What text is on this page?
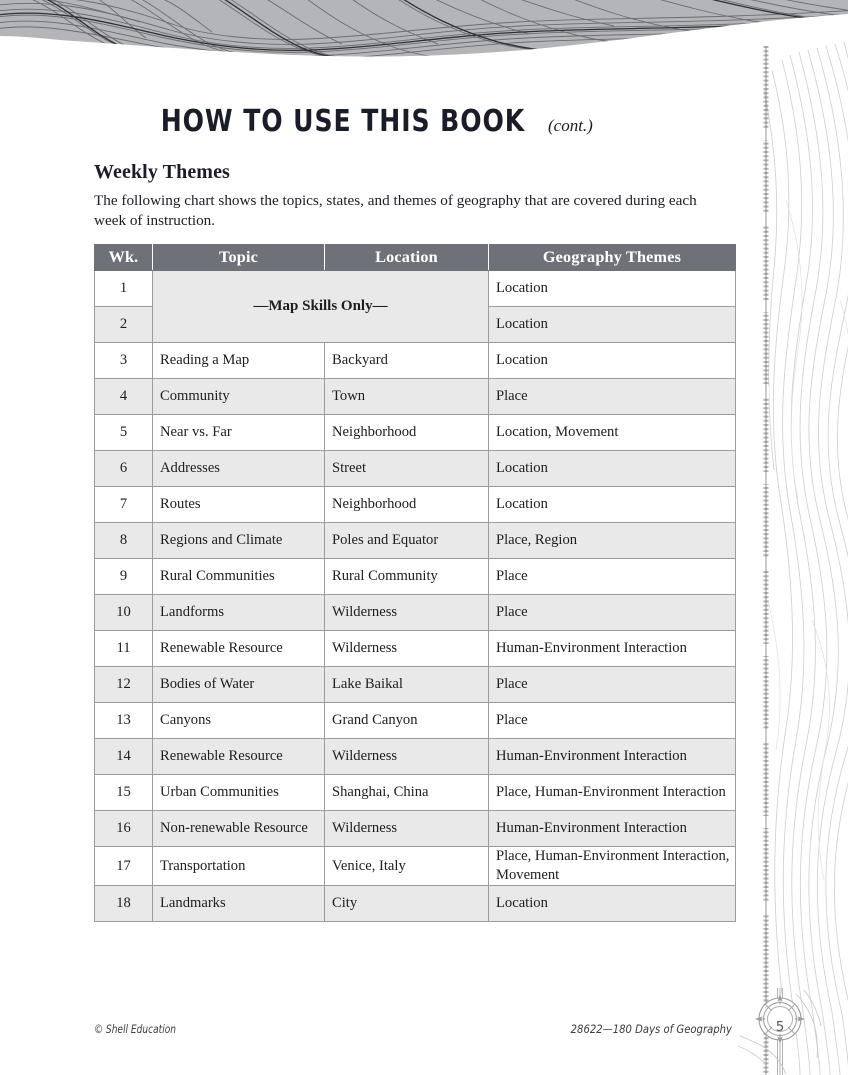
HOW TO USE THIS BOOK (cont.)
Weekly Themes
The following chart shows the topics, states, and themes of geography that are covered during each week of instruction.
Wk.	Topic	Location	Geography Themes
1	—Map Skills Only—		Location
2			Location
3	Reading a Map	Backyard	Location
4	Community	Town	Place
5	Near vs. Far	Neighborhood	Location, Movement
6	Addresses	Street	Location
7	Routes	Neighborhood	Location
8	Regions and Climate	Poles and Equator	Place, Region
9	Rural Communities	Rural Community	Place
10	Landforms	Wilderness	Place
11	Renewable Resource	Wilderness	Human-Environment Interaction
12	Bodies of Water	Lake Baikal	Place
13	Canyons	Grand Canyon	Place
14	Renewable Resource	Wilderness	Human-Environment Interaction
15	Urban Communities	Shanghai, China	Place, Human-Environment Interaction
16	Non-renewable Resource	Wilderness	Human-Environment Interaction
17	Transportation	Venice, Italy	Place, Human-Environment Interaction, Movement
18	Landmarks	City	Location
© Shell Education	28622—180 Days of Geography	5
